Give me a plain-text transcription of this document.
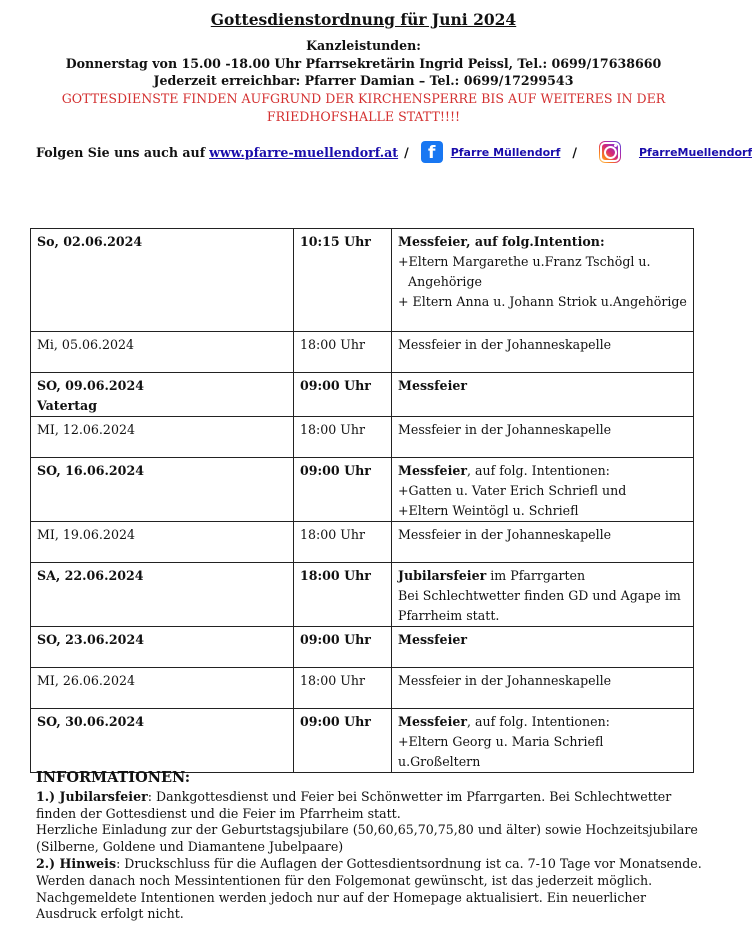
Gottesdienstordnung für Juni 2024
Kanzleistunden:
Donnerstag von 15.00 -18.00 Uhr Pfarrsekretärin Ingrid Peissl, Tel.: 0699/17638660
Jederzeit erreichbar: Pfarrer Damian – Tel.: 0699/17299543
GOTTESDIENSTE FINDEN AUFGRUND DER KIRCHENSPERRE BIS AUF WEITERES IN DER
FRIEDHOFSHALLE STATT!!!!
Folgen Sie uns auch auf
www.pfarre-muellendorf.at /	f	Pfarre Müllendorf /	PfarreMuellendorf
So, 02.06.2024	10:15 Uhr	Messfeier, auf folg.Intention:
+Eltern Margarethe u.Franz Tschögl u.
Angehörige
+ Eltern Anna u. Johann Striok u.Angehörige

Mi, 05.06.2024	18:00 Uhr	Messfeier in der Johanneskapelle

SO, 09.06.2024
Vatertag	09:00 Uhr	Messfeier

MI, 12.06.2024	18:00 Uhr	Messfeier in der Johanneskapelle

SO, 16.06.2024	09:00 Uhr	Messfeier, auf folg. Intentionen:
+Gatten u. Vater Erich Schriefl und
+Eltern Weintögl u. Schriefl

MI, 19.06.2024	18:00 Uhr	Messfeier in der Johanneskapelle

SA, 22.06.2024	18:00 Uhr	Jubilarsfeier im Pfarrgarten
Bei Schlechtwetter finden GD und Agape im
Pfarrheim statt.

SO, 23.06.2024	09:00 Uhr	Messfeier

MI, 26.06.2024	18:00 Uhr	Messfeier in der Johanneskapelle

SO, 30.06.2024	09:00 Uhr	Messfeier, auf folg. Intentionen:
+Eltern Georg u. Maria Schriefl u.Großeltern
INFORMATIONEN:

1.) Jubilarsfeier: Dankgottesdienst und Feier bei Schönwetter im Pfarrgarten. Bei Schlechtwetter finden der Gottesdienst und die Feier im Pfarrheim statt.

Herzliche Einladung zur der Geburtstagsjubilare (50,60,65,70,75,80 und älter) sowie Hochzeitsjubilare (Silberne, Goldene und Diamantene Jubelpaare)

2.) Hinweis: Druckschluss für die Auflagen der Gottesdientsordnung ist ca. 7-10 Tage vor Monatsende. Werden danach noch Messintentionen für den Folgemonat gewünscht, ist das jederzeit möglich. Nachgemeldete Intentionen werden jedoch nur auf der Homepage aktualisiert. Ein neuerlicher Ausdruck erfolgt nicht.
